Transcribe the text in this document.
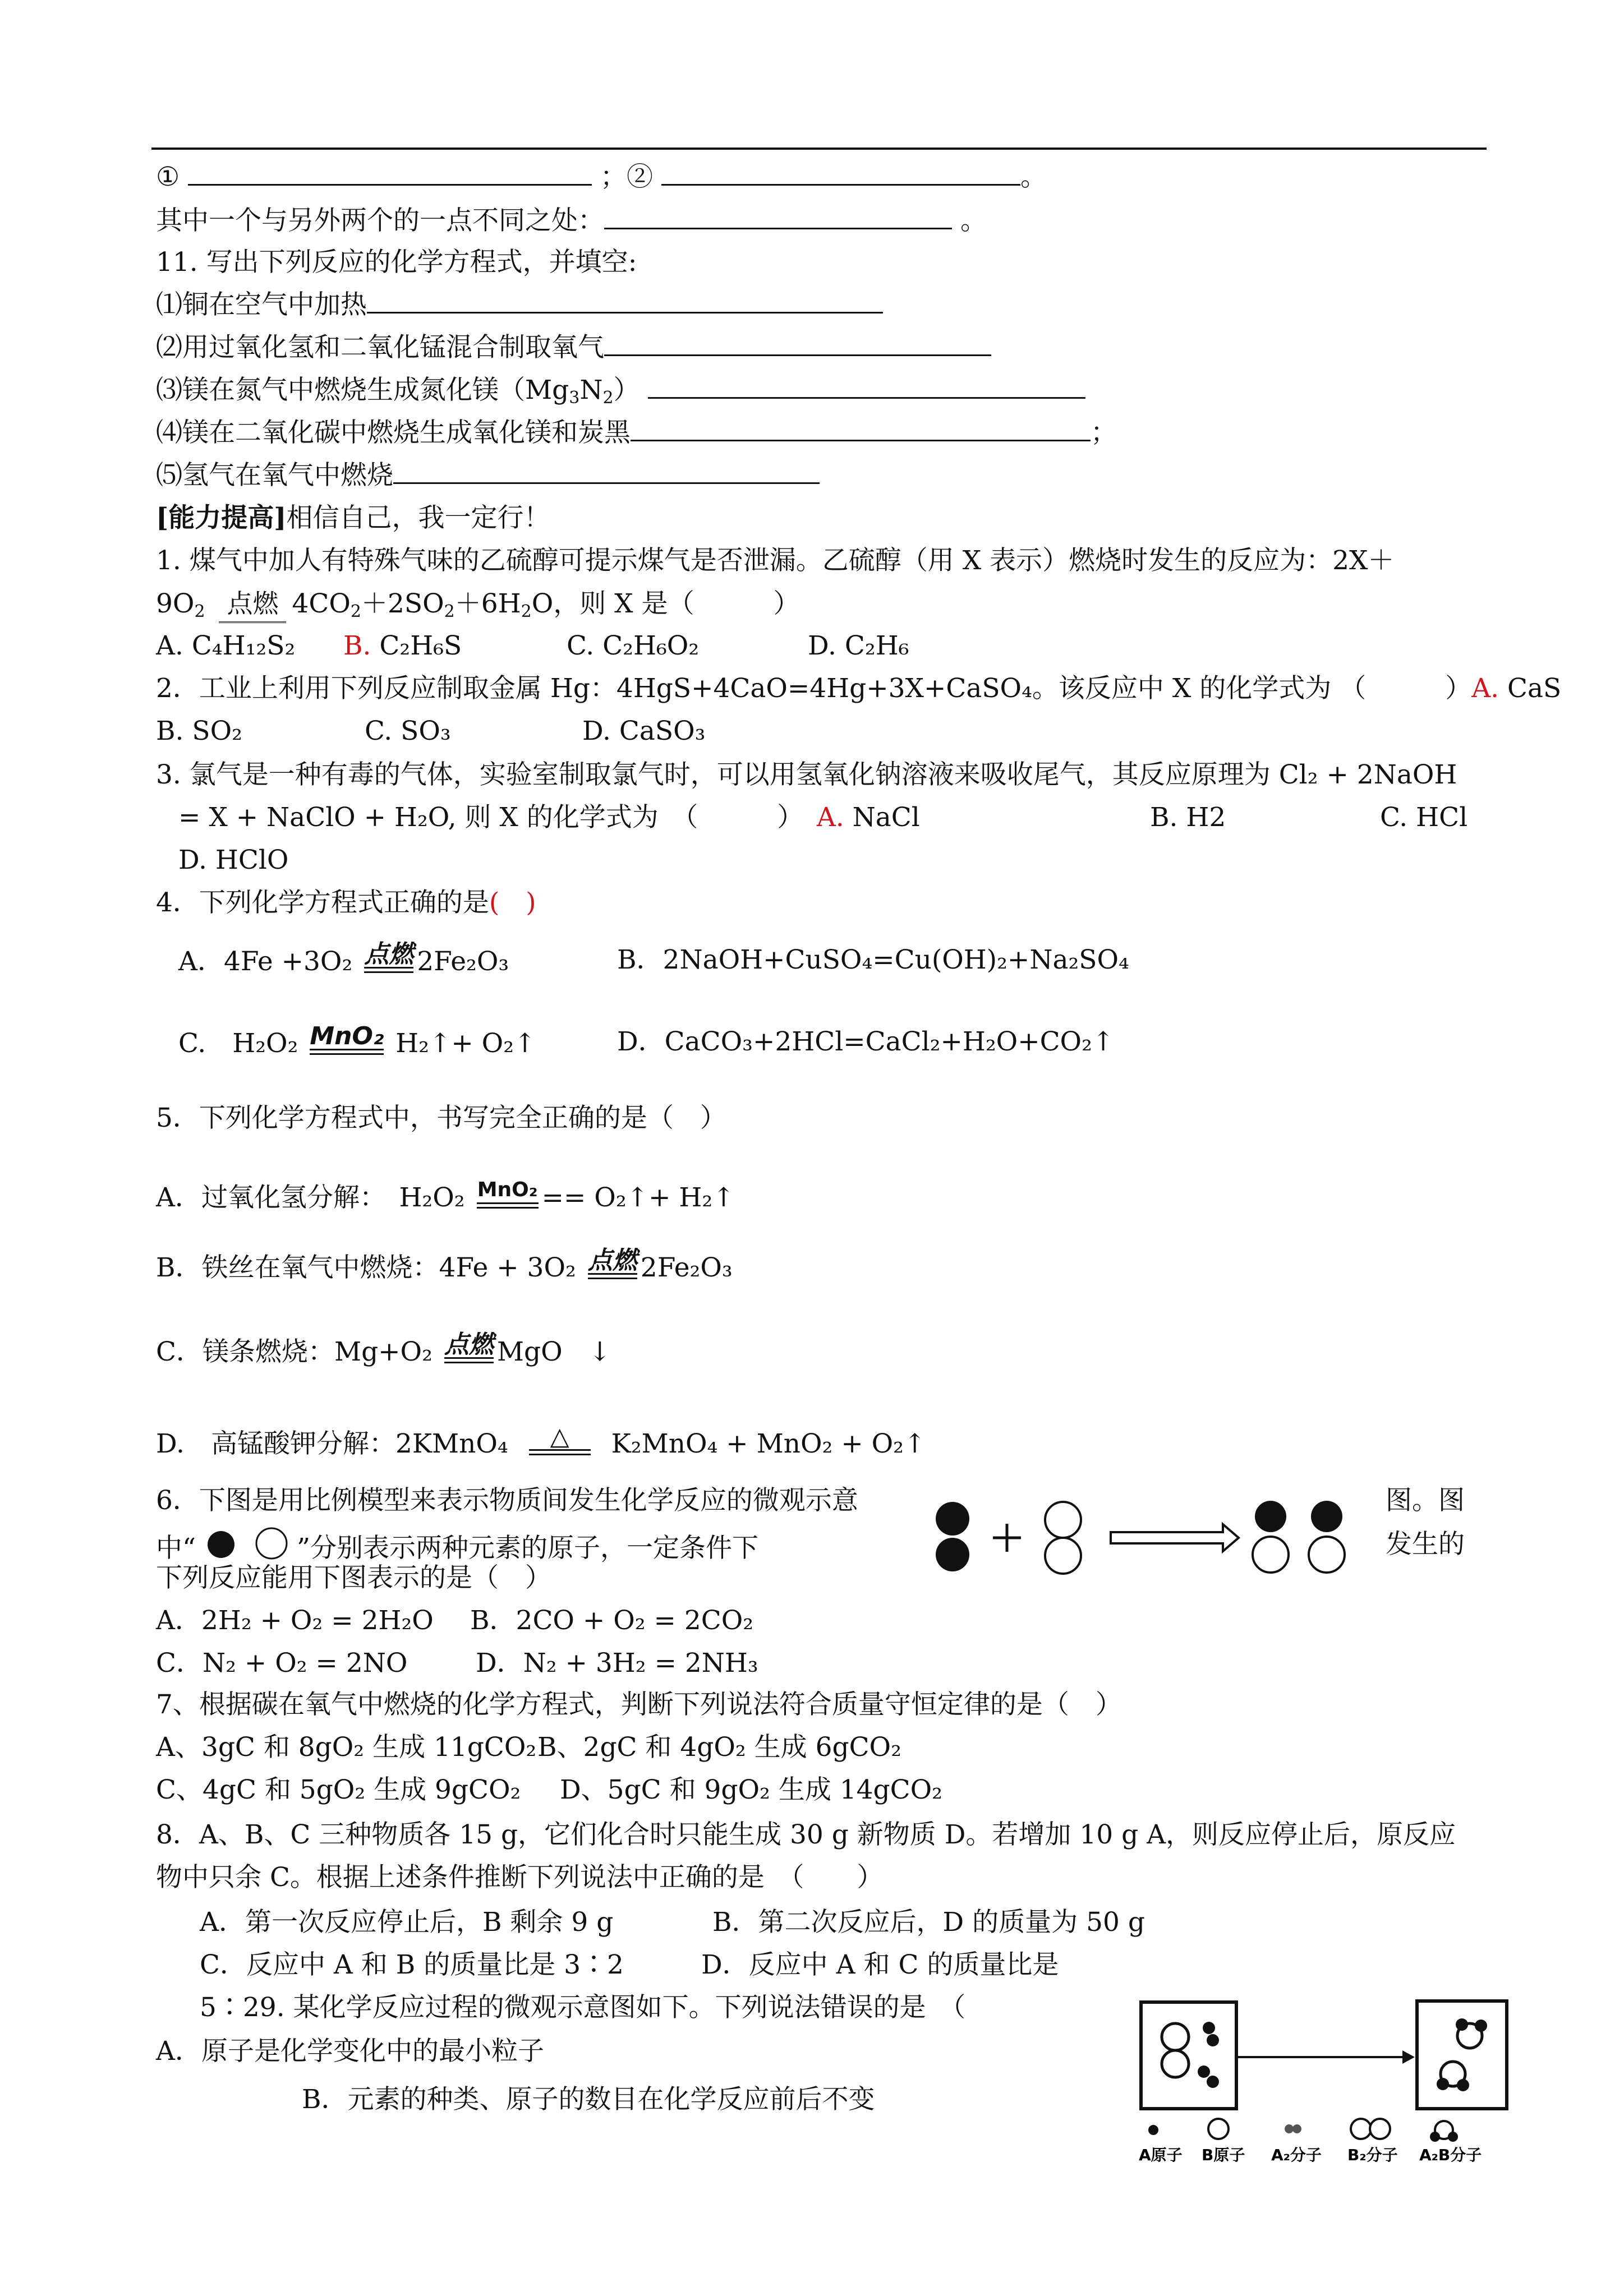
①	；②	。
其中一个与另外两个的一点不同之处：	。
11. 写出下列反应的化学方程式，并填空:
⑴铜在空气中加热
⑵用过氧化氢和二氧化锰混合制取氧气
⑶镁在氮气中燃烧生成氮化镁$(Mg_3N_2)$
⑷镁在二氧化碳中燃烧生成氧化镁和炭黑	；
⑸氢气在氧气中燃烧
[能力提高]相信自己，我一定行！
1. 煤气中加人有特殊气味的乙硫醇可提示煤气是否泄漏。乙硫醇（用 X 表示）燃烧时发生的反应为：2X＋
$9O_2$ 点燃 $4CO_2+2SO_2+6H_2O$，则 X 是（　　　）
A. C₄H₁₂S₂ B. C₂H₆S	C. C₂H₆O₂	D. C₂H₆
2．工业上利用下列反应制取金属 Hg：4HgS+4CaO=4Hg+3X+CaSO₄。该反应中 X 的化学式为 （　　　）A. CaS
B. SO₂	C. SO₃	D. CaSO₃
3. 氯气是一种有毒的气体，实验室制取氯气时，可以用氢氧化钠溶液来吸收尾气，其反应原理为 Cl₂ + 2NaOH
= X + NaClO + H₂O, 则 X 的化学式为　（　　　）　 A. NaCl	B. H2	C. HCl
D. HClO
4．下列化学方程式正确的是(　)
A．4Fe +3O₂ 点燃 2Fe₂O₃	B．2NaOH+CuSO₄=Cu(OH)₂+Na₂SO₄
C.　H₂O₂ MnO₂ H₂↑+ O₂↑	D．CaCO₃+2HCl=CaCl₂+H₂O+CO₂↑
5．下列化学方程式中，书写完全正确的是（　）
A．过氧化氢分解：　H₂O₂ MnO₂ == O₂↑+ H₂↑
B．铁丝在氧气中燃烧：4Fe + 3O₂ 点燃 2Fe₂O₃
C．镁条燃烧：Mg+O₂ 点燃 MgO　↓
D.　高锰酸钾分解：2KMnO₄	△	K₂MnO₄ + MnO₂ + O₂↑
6．下图是用比例模型来表示物质间发生化学反应的微观示意	图。图
中“	”分别表示两种元素的原子，一定条件下	发生的
下列反应能用下图表示的是（　）
A．2H₂ + O₂ = 2H₂O B．2CO + O₂ = 2CO₂
C．N₂ + O₂ = 2NO	D．N₂ + 3H₂ = 2NH₃
7、根据碳在氧气中燃烧的化学方程式，判断下列说法符合质量守恒定律的是（　）
A、3gC 和 8gO₂ 生成 11gCO₂ B、2gC 和 4gO₂ 生成 6gCO₂
C、4gC 和 5gO₂ 生成 9gCO₂ D、5gC 和 9gO₂ 生成 14gCO₂
8．A、B、C 三种物质各 15 g，它们化合时只能生成 30 g 新物质 D。若增加 10 g A，则反应停止后，原反应
物中只余 C。根据上述条件推断下列说法中正确的是　（　　）
A．第一次反应停止后，B 剩余 9 g	B．第二次反应后，D 的质量为 50 g
C．反应中 A 和 B 的质量比是 3∶2	D．反应中 A 和 C 的质量比是
5∶29. 某化学反应过程的微观示意图如下。下列说法错误的是　（
A．原子是化学变化中的最小粒子
B．元素的种类、原子的数目在化学反应前后不变
A原子 B原子 A₂分子 B₂分子 A₂B分子
